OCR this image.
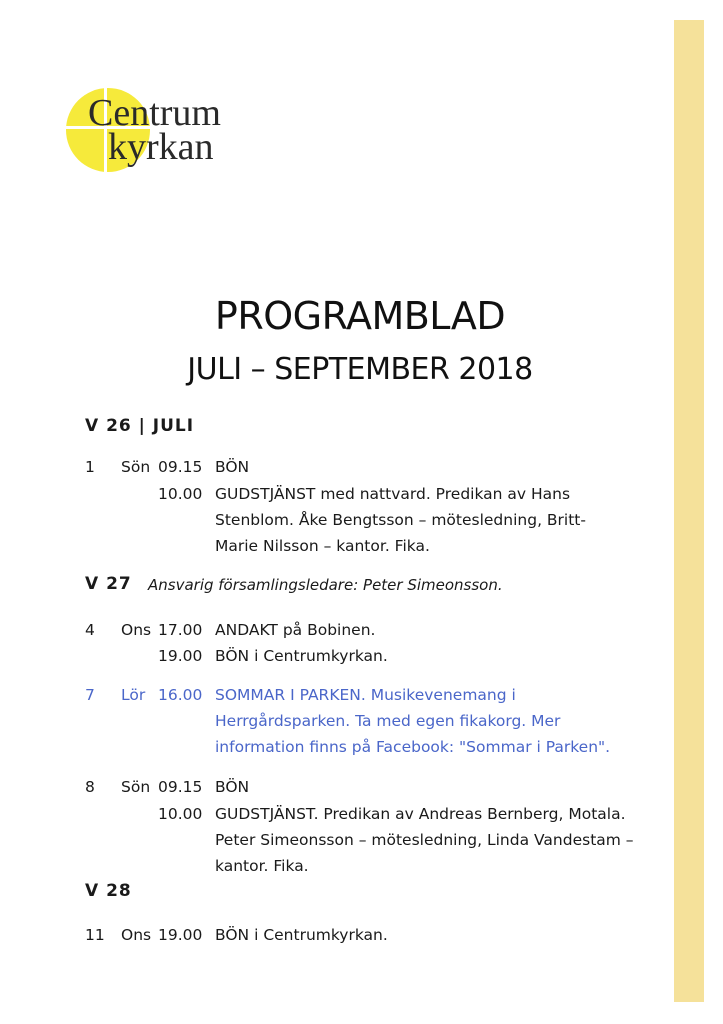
Centrum
kyrkan
PROGRAMBLAD
JULI – SEPTEMBER 2018
V 26 | JULI
1 Sön 09.15 BÖN
10.00 GUDSTJÄNST med nattvard. Predikan av Hans Stenblom. Åke Bengtsson – mötesledning, Britt-Marie Nilsson – kantor. Fika.
V 27 Ansvarig församlingsledare: Peter Simeonsson.
4 Ons 17.00 ANDAKT på Bobinen.
19.00 BÖN i Centrumkyrkan.
7 Lör 16.00 SOMMAR I PARKEN. Musikevenemang i Herrgårdsparken. Ta med egen fikakorg. Mer information finns på Facebook: "Sommar i Parken".
8 Sön 09.15 BÖN
10.00 GUDSTJÄNST. Predikan av Andreas Bernberg, Motala. Peter Simeonsson – mötesledning, Linda Vandestam – kantor. Fika.
V 28
11 Ons 19.00 BÖN i Centrumkyrkan.
